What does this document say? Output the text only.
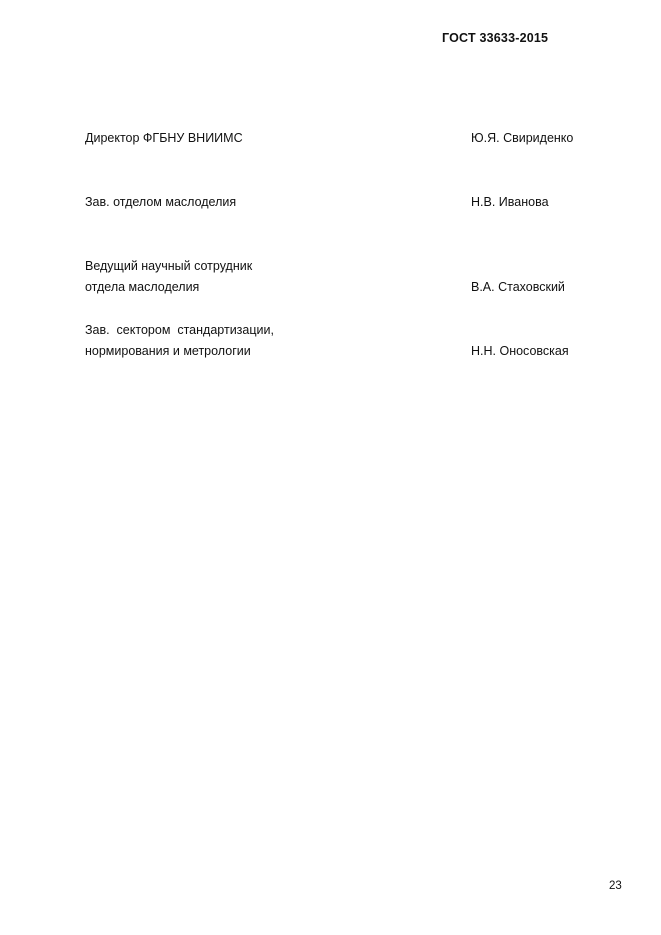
ГОСТ 33633-2015
Директор ФГБНУ ВНИИМС	Ю.Я. Свириденко
Зав. отделом маслоделия	Н.В. Иванова
Ведущий научный сотрудник
отдела маслоделия	В.А. Стаховский
Зав.  сектором  стандартизации,
нормирования и метрологии	Н.Н. Оносовская
23
